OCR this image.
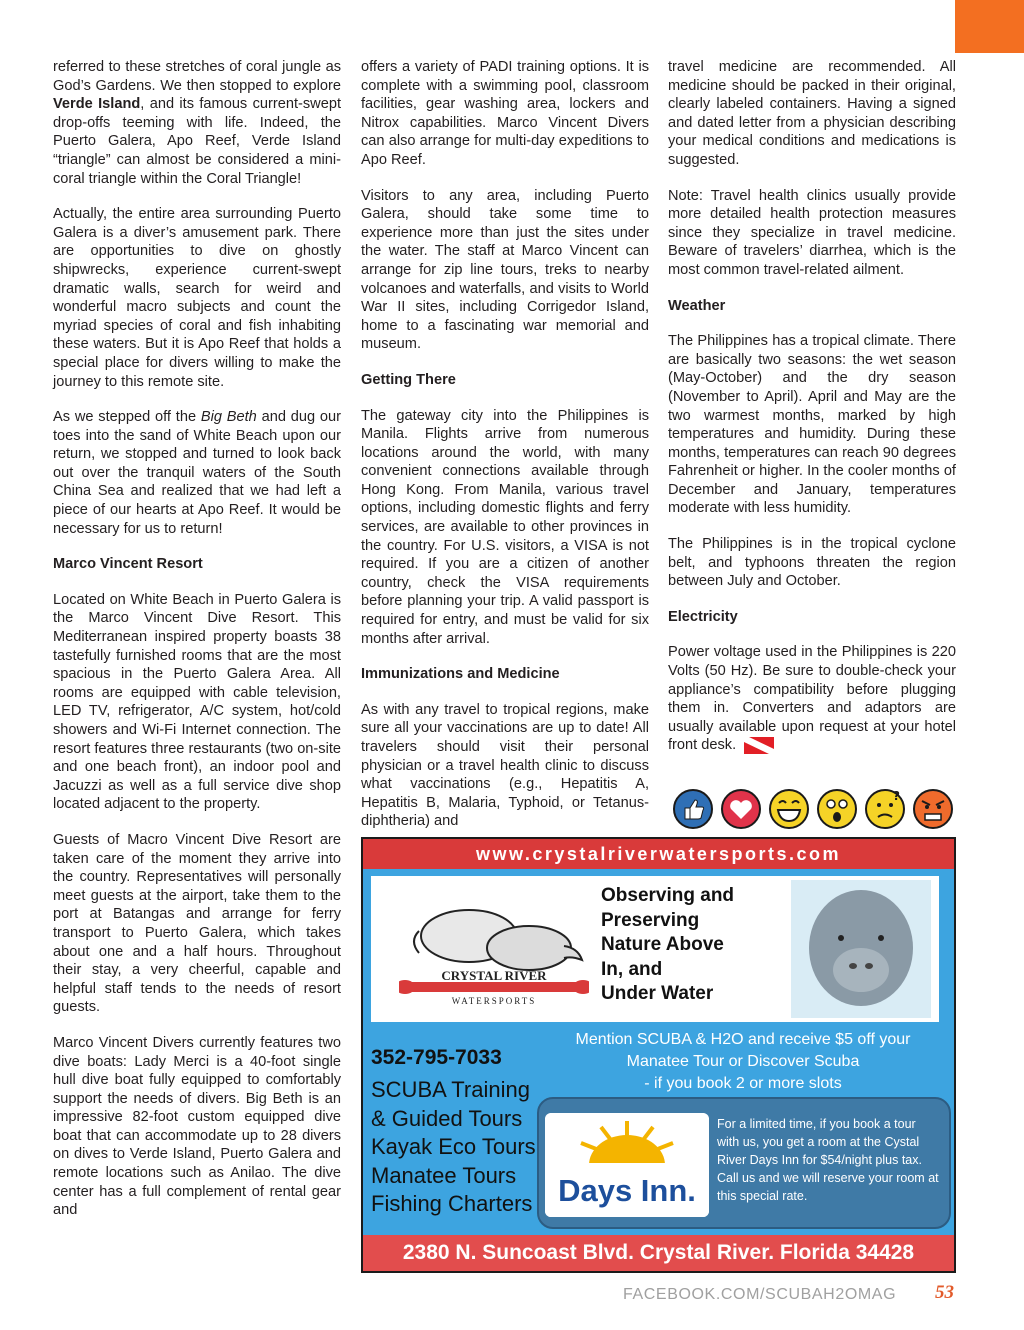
referred to these stretches of coral jungle as God’s Gardens. We then stopped to explore Verde Island, and its famous current-swept drop-offs teeming with life. Indeed, the Puerto Galera, Apo Reef, Verde Island “triangle” can almost be considered a mini-coral triangle within the Coral Triangle!

Actually, the entire area surrounding Puerto Galera is a diver’s amusement park. There are opportunities to dive on ghostly shipwrecks, experience current-swept dramatic walls, search for weird and wonderful macro subjects and count the myriad species of coral and fish inhabiting these waters. But it is Apo Reef that holds a special place for divers willing to make the journey to this remote site.

As we stepped off the Big Beth and dug our toes into the sand of White Beach upon our return, we stopped and turned to look back out over the tranquil waters of the South China Sea and realized that we had left a piece of our hearts at Apo Reef. It would be necessary for us to return!

Marco Vincent Resort

Located on White Beach in Puerto Galera is the Marco Vincent Dive Resort. This Mediterranean inspired property boasts 38 tastefully furnished rooms that are the most spacious in the Puerto Galera Area. All rooms are equipped with cable television, LED TV, refrigerator, A/C system, hot/cold showers and Wi-Fi Internet connection. The resort features three restaurants (two on-site and one beach front), an indoor pool and Jacuzzi as well as a full service dive shop located adjacent to the property.

Guests of Macro Vincent Dive Resort are taken care of the moment they arrive into the country. Representatives will personally meet guests at the airport, take them to the port at Batangas and arrange for ferry transport to Puerto Galera, which takes about one and a half hours. Throughout their stay, a very cheerful, capable and helpful staff tends to the needs of resort guests.

Marco Vincent Divers currently features two dive boats: Lady Merci is a 40-foot single hull dive boat fully equipped to comfortably support the needs of divers. Big Beth is an impressive 82-foot custom equipped dive boat that can accommodate up to 28 divers on dives to Verde Island, Puerto Galera and remote locations such as Anilao. The dive center has a full complement of rental gear and

offers a variety of PADI training options. It is complete with a swimming pool, classroom facilities, gear washing area, lockers and Nitrox capabilities. Marco Vincent Divers can also arrange for multi-day expeditions to Apo Reef.

Visitors to any area, including Puerto Galera, should take some time to experience more than just the sites under the water. The staff at Marco Vincent can arrange for zip line tours, treks to nearby volcanoes and waterfalls, and visits to World War II sites, including Corrigedor Island, home to a fascinating war memorial and museum.

Getting There

The gateway city into the Philippines is Manila. Flights arrive from numerous locations around the world, with many convenient connections available through Hong Kong. From Manila, various travel options, including domestic flights and ferry services, are available to other provinces in the country. For U.S. visitors, a VISA is not required. If you are a citizen of another country, check the VISA requirements before planning your trip. A valid passport is required for entry, and must be valid for six months after arrival.

Immunizations and Medicine

As with any travel to tropical regions, make sure all your vaccinations are up to date! All travelers should visit their personal physician or a travel health clinic to discuss what vaccinations (e.g., Hepatitis A, Hepatitis B, Malaria, Typhoid, or Tetanus-diphtheria) and

travel medicine are recommended. All medicine should be packed in their original, clearly labeled containers. Having a signed and dated letter from a physician describing your medical conditions and medications is suggested.

Note: Travel health clinics usually provide more detailed health protection measures since they specialize in travel medicine. Beware of travelers’ diarrhea, which is the most common travel-related ailment.

Weather

The Philippines has a tropical climate. There are basically two seasons: the wet season (May-October) and the dry season (November to April). April and May are the two warmest months, marked by high temperatures and humidity. During these months, temperatures can reach 90 degrees Fahrenheit or higher. In the cooler months of December and January, temperatures moderate with less humidity.

The Philippines is in the tropical cyclone belt, and typhoons threaten the region between July and October.

Electricity

Power voltage used in the Philippines is 220 Volts (50 Hz). Be sure to double-check your appliance’s compatibility before plugging them in. Converters and adaptors are usually available upon request at your hotel front desk.

?
www.crystalriverwatersports.com
CRYSTAL RIVER
WATERSPORTS
Observing and
Preserving
Nature Above
In, and
Under Water
Mention SCUBA & H2O and receive $5 off your
Manatee Tour or Discover Scuba
- if you book 2 or more slots
352-795-7033
SCUBA Training
& Guided Tours
Kayak Eco Tours
Manatee Tours
Fishing Charters Days Inn.
For a limited time, if you book a tour with us, you get a room at the Cystal River Days Inn for $54/night plus tax. Call us and we will reserve your room at this special rate.
2380 N. Suncoast Blvd. Crystal River. Florida 34428
FACEBOOK.COM/SCUBAH2OMAG 53
